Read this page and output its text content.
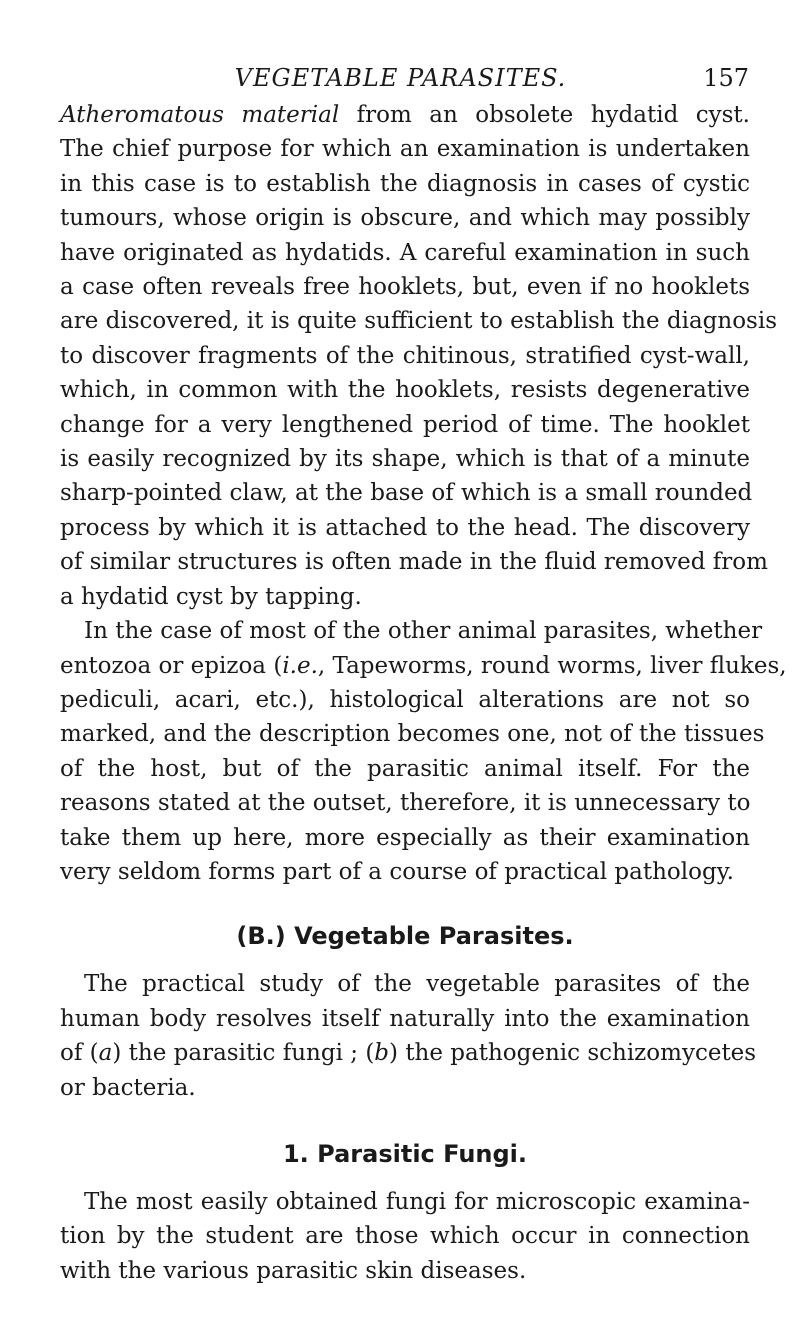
VEGETABLE PARASITES.	157
Atheromatous material from an obsolete hydatid cyst.
The chief purpose for which an examination is undertaken
in this case is to establish the diagnosis in cases of cystic
tumours, whose origin is obscure, and which may possibly
have originated as hydatids. A careful examination in such
a case often reveals free hooklets, but, even if no hooklets
are discovered, it is quite sufficient to establish the diagnosis
to discover fragments of the chitinous, stratified cyst-wall,
which, in common with the hooklets, resists degenerative
change for a very lengthened period of time. The hooklet
is easily recognized by its shape, which is that of a minute
sharp-pointed claw, at the base of which is a small rounded
process by which it is attached to the head. The discovery
of similar structures is often made in the fluid removed from
a hydatid cyst by tapping.
In the case of most of the other animal parasites, whether
entozoa or epizoa (i.e., Tapeworms, round worms, liver flukes,
pediculi, acari, etc.), histological alterations are not so
marked, and the description becomes one, not of the tissues
of the host, but of the parasitic animal itself. For the
reasons stated at the outset, therefore, it is unnecessary to
take them up here, more especially as their examination
very seldom forms part of a course of practical pathology.
(B.) Vegetable Parasites.
The practical study of the vegetable parasites of the
human body resolves itself naturally into the examination
of (a) the parasitic fungi ; (b) the pathogenic schizomycetes
or bacteria.
1. Parasitic Fungi.
The most easily obtained fungi for microscopic examina-
tion by the student are those which occur in connection
with the various parasitic skin diseases.
